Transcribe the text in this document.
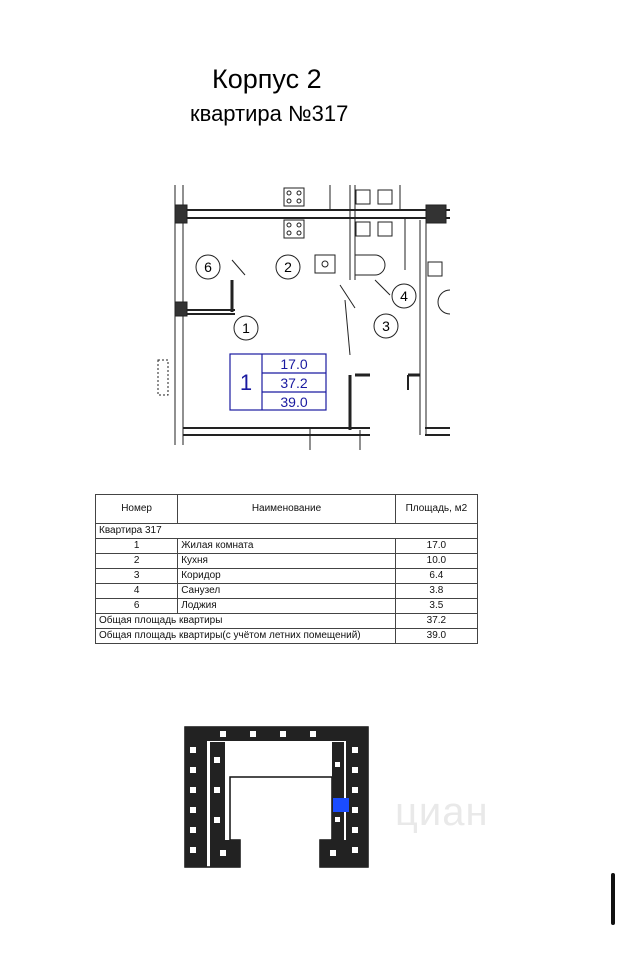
Корпус 2
квартира №317
6	2
1	3
4
1
17.0
37.2
39.0
Номер	Наименование	Площадь, м2
Квартира 317		
1	Жилая комната	17.0
2	Кухня	10.0
3	Коридор	6.4
4	Санузел	3.8
6	Лоджия	3.5
Общая площадь квартиры		37.2
Общая площадь квартиры(с учётом летних помещений)		39.0
циан
